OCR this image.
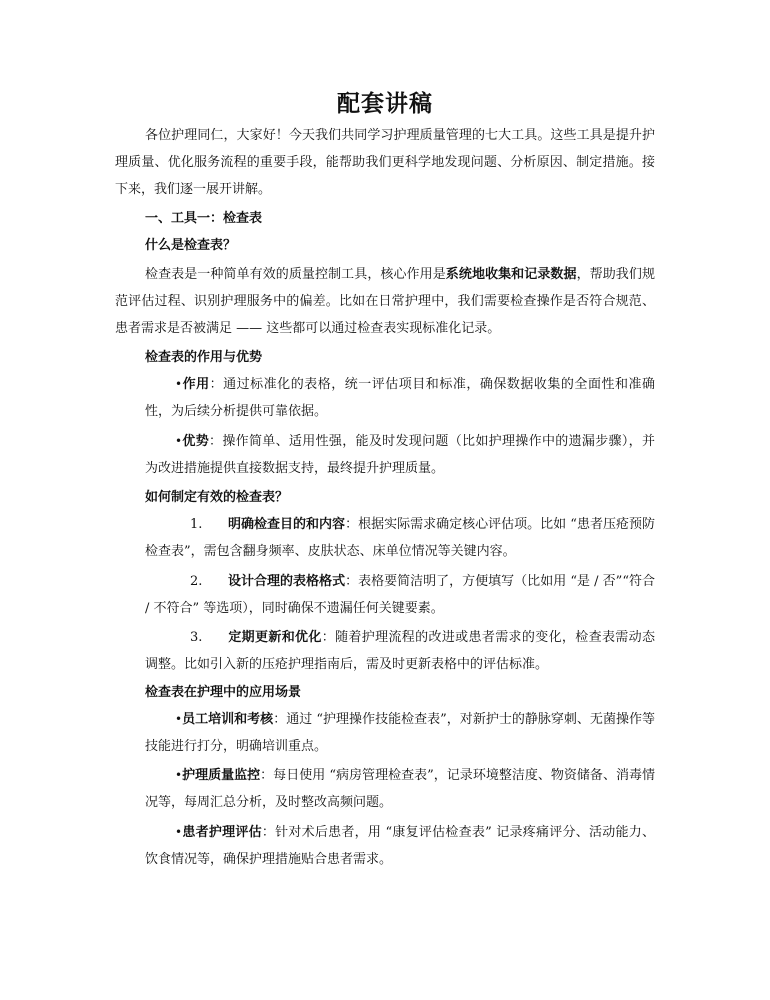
配套讲稿
各位护理同仁，大家好！今天我们共同学习护理质量管理的七大工具。这些工具是提升护理质量、优化服务流程的重要手段，能帮助我们更科学地发现问题、分析原因、制定措施。接下来，我们逐一展开讲解。
一、工具一：检查表
什么是检查表？
检查表是一种简单有效的质量控制工具，核心作用是系统地收集和记录数据，帮助我们规范评估过程、识别护理服务中的偏差。比如在日常护理中，我们需要检查操作是否符合规范、患者需求是否被满足 —— 这些都可以通过检查表实现标准化记录。
检查表的作用与优势
•作用：通过标准化的表格，统一评估项目和标准，确保数据收集的全面性和准确性，为后续分析提供可靠依据。
•优势：操作简单、适用性强，能及时发现问题（比如护理操作中的遗漏步骤），并为改进措施提供直接数据支持，最终提升护理质量。
如何制定有效的检查表？
1. 明确检查目的和内容：根据实际需求确定核心评估项。比如 “患者压疮预防检查表”，需包含翻身频率、皮肤状态、床单位情况等关键内容。
2. 设计合理的表格格式：表格要简洁明了，方便填写（比如用 “是 / 否”“符合 / 不符合” 等选项），同时确保不遗漏任何关键要素。
3. 定期更新和优化：随着护理流程的改进或患者需求的变化，检查表需动态调整。比如引入新的压疮护理指南后，需及时更新表格中的评估标准。
检查表在护理中的应用场景
•员工培训和考核：通过 “护理操作技能检查表”，对新护士的静脉穿刺、无菌操作等技能进行打分，明确培训重点。
•护理质量监控：每日使用 “病房管理检查表”，记录环境整洁度、物资储备、消毒情况等，每周汇总分析，及时整改高频问题。
•患者护理评估：针对术后患者，用 “康复评估检查表” 记录疼痛评分、活动能力、饮食情况等，确保护理措施贴合患者需求。
